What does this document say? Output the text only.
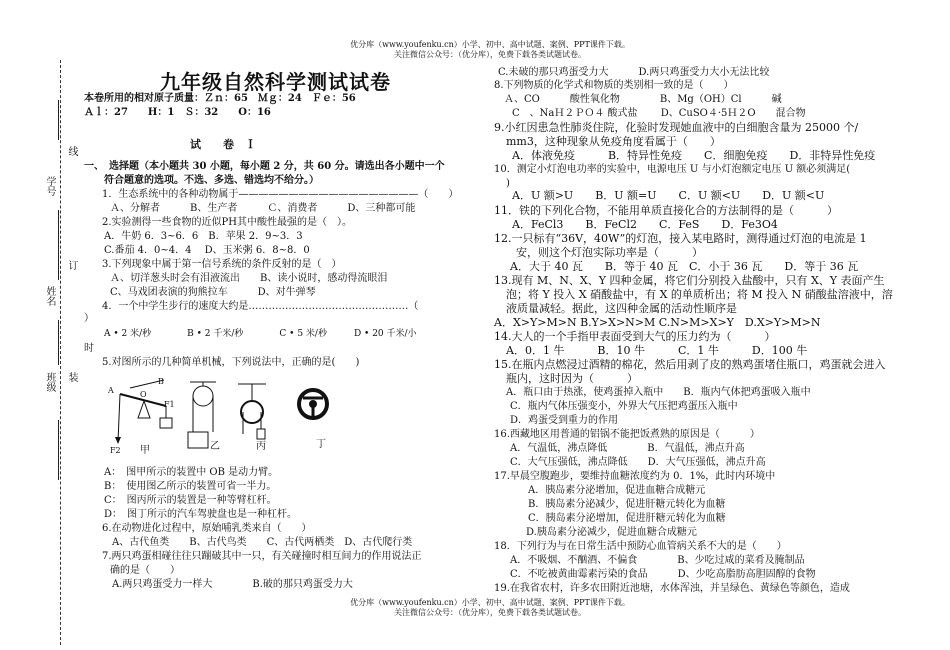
线
订
装
学号
姓名
班级
优分库（www.youfenku.cn）小学、初中、高中试题、案例、PPT课件下载。
关注微信公众号：（优分库），免费下载各类试题试卷。
九年级自然科学测试试卷
本卷所用的相对原子质量：Ｚｎ：65　Ｍｇ：24　Ｆｅ：56
Ａｌ：27　　H：1　Ｓ：32　　O：16
试　　卷　Ｉ
一、　选择题（本小题共 30 小题，每小题 2 分，共 60 分。请选出各小题中一个
符合题意的选项。不选、多选、错选均不给分。）
1．生态系统中的各种动物属于——————————————————（　　）
Ａ、分解者　　　B、生产者　　　Ｃ、消费者　　　D、三种都可能
2.实验测得一些食物的近似PH其中酸性最强的是（　）。
A．牛奶 6．3~6．6　B．苹果 2．9~3．3
C.番茄 4．0~4．4　 D、玉米粥 6．8~8．0
3.下列现象中属于第一信号系统的条件反射的是（　）
Ａ、切洋葱头时会有泪液流出　　B、读小说时，感动得流眼泪
C、马戏团表演的狗熊拉车　　　D、对牛弹琴
4．一个中学生步行的速度大约是…………………………………………（
）
A • 2 米/秒　　　　B • 2 千米/秒　　　　C • 5 米/秒　　　D • 20 千米/小
时
5.对图所示的几种简单机械，下列说法中，正确的是(　　)
A
B
O
F1
F2 甲	乙	丙	丁
A：　图甲所示的装置中 OB 是动力臂。
B：　使用图乙所示的装置可省一半力。
C：　图丙所示的装置是一种等臂杠杆。
D：　图丁所示的汽车驾驶盘也是一种杠杆。
6.在动物进化过程中，原始哺乳类来自（　　）
A、古代鱼类　　B、古代鸟类　　C、古代两栖类　D、古代爬行类
7.两只鸡蛋相碰往往只蹦破其中一只，有关碰撞时相互间力的作用说法正
确的是（　　）
A.两只鸡蛋受力一样大　　　　B.破的那只鸡蛋受力大
C.未破的那只鸡蛋受力大　　　D.两只鸡蛋受力大小无法比较
8.下列物质的化学式和物质的类别相一致的是（　　）
Ａ、CO　　　酸性氧化物　　　　B、Mg（OH）Cl　　　碱
C　、NaＨ２ＰＯ４ 酸式盐　　 D、CuSO４·5Ｈ２O　　混合物
9.小红因患急性肺炎住院，化验时发现她血液中的白细胞含量为 25000 个/
mm3，这种现象从免疫角度看属于（　　）
A．体液免疫　　　B．特异性免疫　　C．细胞免疫　　D．非特异性免疫
10．测定小灯泡电功率的实验中，电源电压 U 与小灯泡额定电压 U 额必须满足(
)
A．U 额>U　　B．U 额=U　　C．U 额<U　　D．U 额<U
11．铁的下列化合物，不能用单质直接化合的方法制得的是（　　　）
A．FeCl3　　B．FeCl2　　C．FeS　　D．Fe3O4
12.一只标有“36V，40W”的灯泡，接入某电路时，测得通过灯泡的电流是 1
安，则这个灯泡实际功率是（　　　）
A．大于 40 瓦　　B．等于 40 瓦　C．小于 36 瓦　　D．等于 36 瓦
13.现有 M、N、X、Y 四种金属，将它们分别投入盐酸中，只有 X、Y 表面产生
泡；将 Y 投入 X 硝酸盐中，有 X 的单质析出；将 M 投入 N 硝酸盐溶液中，溶
液质量减轻。据此，这四种金属的活动性顺序是
A．X>Y>M>N B.Y>X>N>M C.N>M>X>Y　D.X>Y>M>N
14.大人的一个手指甲表面受到大气的压力约为（　　　）
A．0．1 牛　　　B．10 牛　　　C．1 牛　　　D．100 牛
15.在瓶内点燃浸过酒精的棉花，然后用剥了皮的熟鸡蛋堵住瓶口，鸡蛋就会进入
瓶内，这时因为（　　　）
A．瓶口由于热涨，使鸡蛋掉入瓶中　　B．瓶内气体把鸡蛋吸入瓶中
C．瓶内气体压强变小，外界大气压把鸡蛋压入瓶中
D．鸡蛋受到重力的作用
16.西藏地区用普通的铝锅不能把饭煮熟的原因是（　　　）
A．气温低，沸点降低　　　　B．气温低，沸点升高
C．大气压强低，沸点降低　　D．大气压强低，沸点升高
17.早晨空腹跑步，要维持血糖浓度约为 0．1%，此时内环境中
A．胰岛素分泌增加，促进血糖合成糖元
B．胰岛素分泌减少，促进肝糖元转化为血糖
C．胰岛素分泌增加，促进肝糖元转化为血糖
D.胰岛素分泌减少，促进血糖合成糖元
18．下列行为与在日常生活中预防心血管病关系不大的是（　　）
A．不吸烟、不酗酒、不偏食　　　　B、少吃过咸的菜肴及腌制品
C．不吃被黄曲霉素污染的食品　　　D、少吃高脂肪高胆固醇的食物
19.在我省农村，许多农田附近池塘，水体浑浊，并呈绿色、黄绿色等颜色，造成
优分库（www.youfenku.cn）小学、初中、高中试题、案例、PPT课件下载。
关注微信公众号：（优分库），免费下载各类试题试卷。
